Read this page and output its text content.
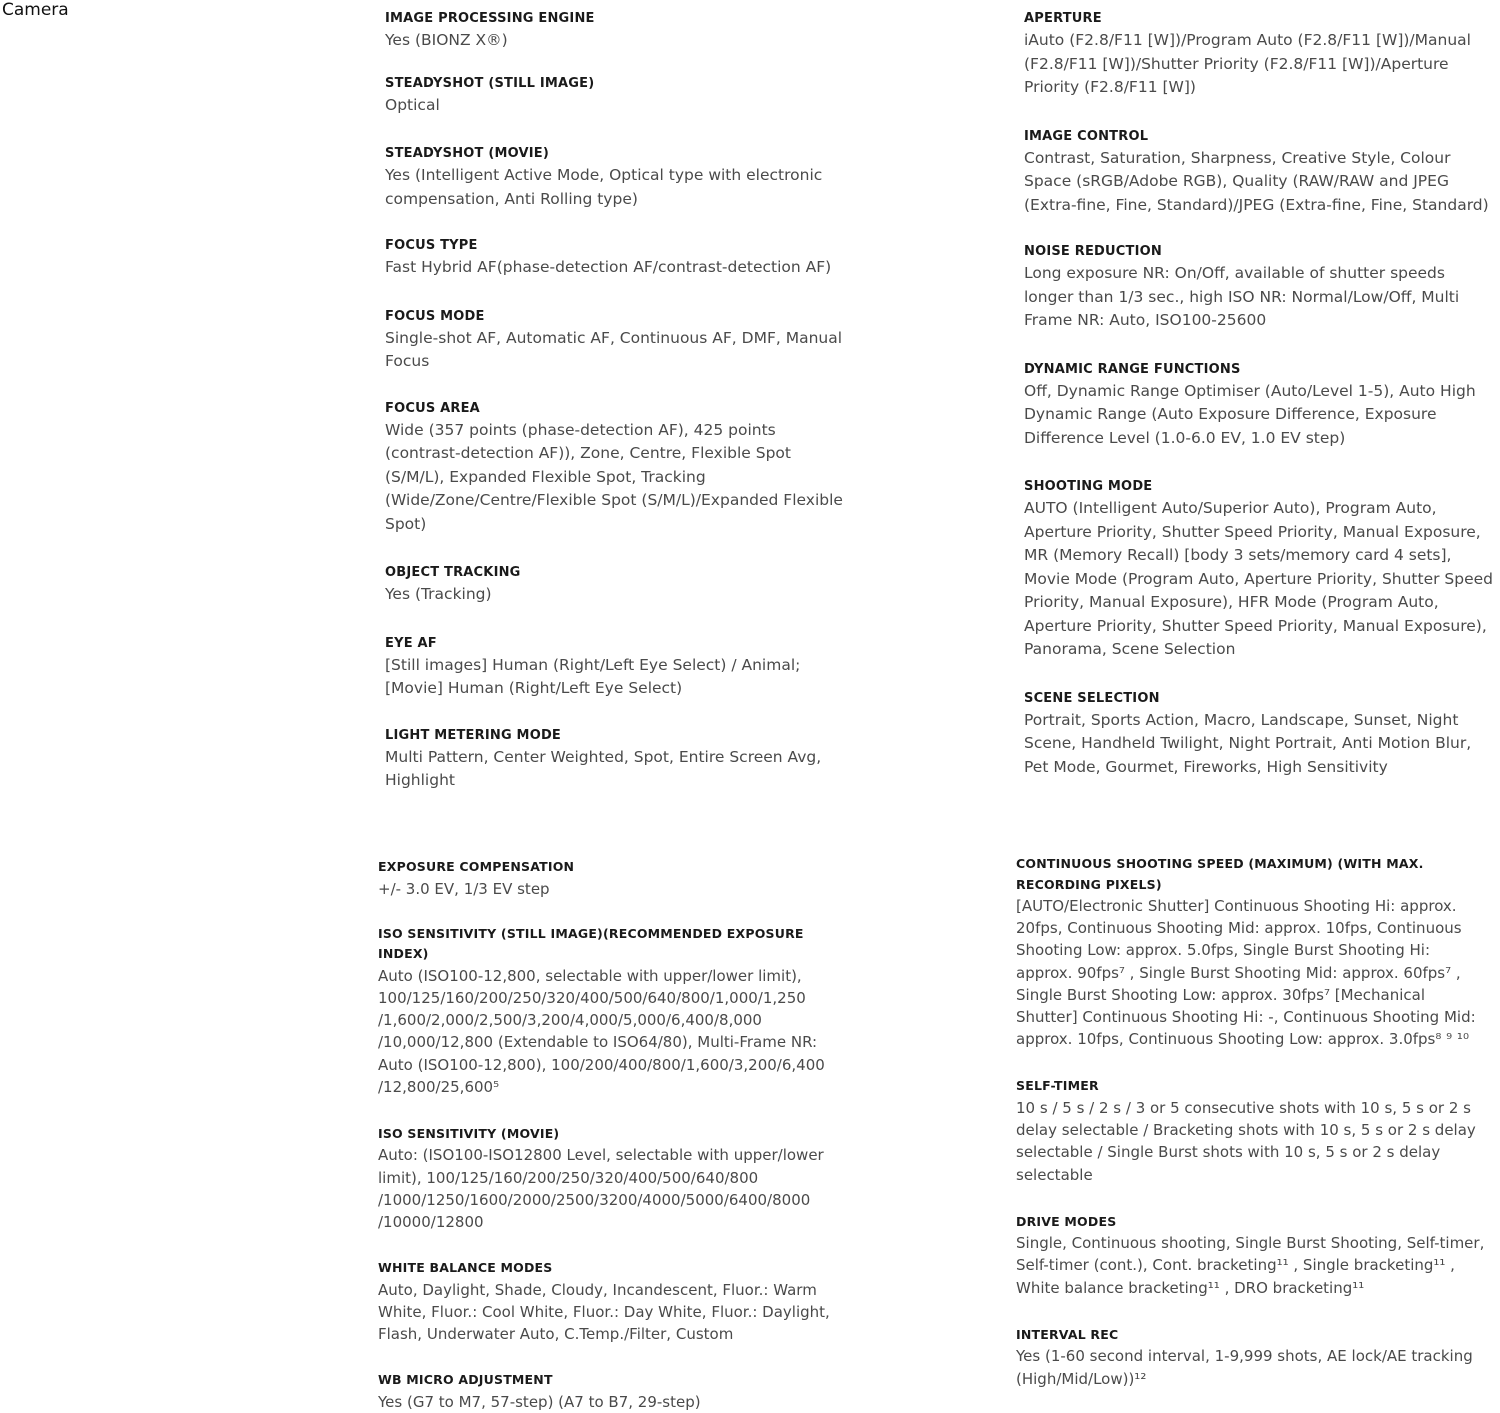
Camera	IMAGE PROCESSING ENGINE
Yes (BIONZ X®)
STEADYSHOT (STILL IMAGE)
Optical
STEADYSHOT (MOVIE)
Yes (Intelligent Active Mode, Optical type with electronic compensation, Anti Rolling type)
FOCUS TYPE
Fast Hybrid AF(phase-detection AF/contrast-detection AF)
FOCUS MODE
Single-shot AF, Automatic AF, Continuous AF, DMF, Manual Focus
FOCUS AREA
Wide (357 points (phase-detection AF), 425 points (contrast-detection AF)), Zone, Centre, Flexible Spot (S/M/L), Expanded Flexible Spot, Tracking (Wide/Zone/Centre/Flexible Spot (S/M/L)/Expanded Flexible Spot)
OBJECT TRACKING
Yes (Tracking)
EYE AF
[Still images] Human (Right/Left Eye Select) / Animal; [Movie] Human (Right/Left Eye Select)
LIGHT METERING MODE
Multi Pattern, Center Weighted, Spot, Entire Screen Avg, Highlight
APERTURE
iAuto (F2.8/F11 [W])/Program Auto (F2.8/F11 [W])/Manual (F2.8/F11 [W])/Shutter Priority (F2.8/F11 [W])/Aperture Priority (F2.8/F11 [W])
IMAGE CONTROL
Contrast, Saturation, Sharpness, Creative Style, Colour Space (sRGB/Adobe RGB), Quality (RAW/RAW and JPEG (Extra-fine, Fine, Standard)/JPEG (Extra-fine, Fine, Standard)
NOISE REDUCTION
Long exposure NR: On/Off, available of shutter speeds longer than 1/3 sec., high ISO NR: Normal/Low/Off, Multi Frame NR: Auto, ISO100-25600
DYNAMIC RANGE FUNCTIONS
Off, Dynamic Range Optimiser (Auto/Level 1-5), Auto High Dynamic Range (Auto Exposure Difference, Exposure Difference Level (1.0-6.0 EV, 1.0 EV step)
SHOOTING MODE
AUTO (Intelligent Auto/Superior Auto), Program Auto, Aperture Priority, Shutter Speed Priority, Manual Exposure, MR (Memory Recall) [body 3 sets/memory card 4 sets], Movie Mode (Program Auto, Aperture Priority, Shutter Speed Priority, Manual Exposure), HFR Mode (Program Auto, Aperture Priority, Shutter Speed Priority, Manual Exposure), Panorama, Scene Selection
SCENE SELECTION
Portrait, Sports Action, Macro, Landscape, Sunset, Night Scene, Handheld Twilight, Night Portrait, Anti Motion Blur, Pet Mode, Gourmet, Fireworks, High Sensitivity
EXPOSURE COMPENSATION
+/- 3.0 EV, 1/3 EV step
ISO SENSITIVITY (STILL IMAGE)(RECOMMENDED EXPOSURE INDEX)
Auto (ISO100-12,800, selectable with upper/lower limit), 100/125/160/200/250/320/400/500/640/800/1,000/1,250 /1,600/2,000/2,500/3,200/4,000/5,000/6,400/8,000 /10,000/12,800 (Extendable to ISO64/80), Multi-Frame NR: Auto (ISO100-12,800), 100/200/400/800/1,600/3,200/6,400 /12,800/25,600⁵
ISO SENSITIVITY (MOVIE)
Auto: (ISO100-ISO12800 Level, selectable with upper/lower limit), 100/125/160/200/250/320/400/500/640/800 /1000/1250/1600/2000/2500/3200/4000/5000/6400/8000 /10000/12800
WHITE BALANCE MODES
Auto, Daylight, Shade, Cloudy, Incandescent, Fluor.: Warm White, Fluor.: Cool White, Fluor.: Day White, Fluor.: Daylight, Flash, Underwater Auto, C.Temp./Filter, Custom
WB MICRO ADJUSTMENT
Yes (G7 to M7, 57-step) (A7 to B7, 29-step)
CONTINUOUS SHOOTING SPEED (MAXIMUM) (WITH MAX. RECORDING PIXELS)
[AUTO/Electronic Shutter] Continuous Shooting Hi: approx. 20fps, Continuous Shooting Mid: approx. 10fps, Continuous Shooting Low: approx. 5.0fps, Single Burst Shooting Hi: approx. 90fps⁷ , Single Burst Shooting Mid: approx. 60fps⁷ , Single Burst Shooting Low: approx. 30fps⁷ [Mechanical Shutter] Continuous Shooting Hi: -, Continuous Shooting Mid: approx. 10fps, Continuous Shooting Low: approx. 3.0fps⁸ ⁹ ¹⁰
SELF-TIMER
10 s / 5 s / 2 s / 3 or 5 consecutive shots with 10 s, 5 s or 2 s delay selectable / Bracketing shots with 10 s, 5 s or 2 s delay selectable / Single Burst shots with 10 s, 5 s or 2 s delay selectable
DRIVE MODES
Single, Continuous shooting, Single Burst Shooting, Self-timer, Self-timer (cont.), Cont. bracketing¹¹ , Single bracketing¹¹ , White balance bracketing¹¹ , DRO bracketing¹¹
INTERVAL REC
Yes (1-60 second interval, 1-9,999 shots, AE lock/AE tracking (High/Mid/Low))¹²
